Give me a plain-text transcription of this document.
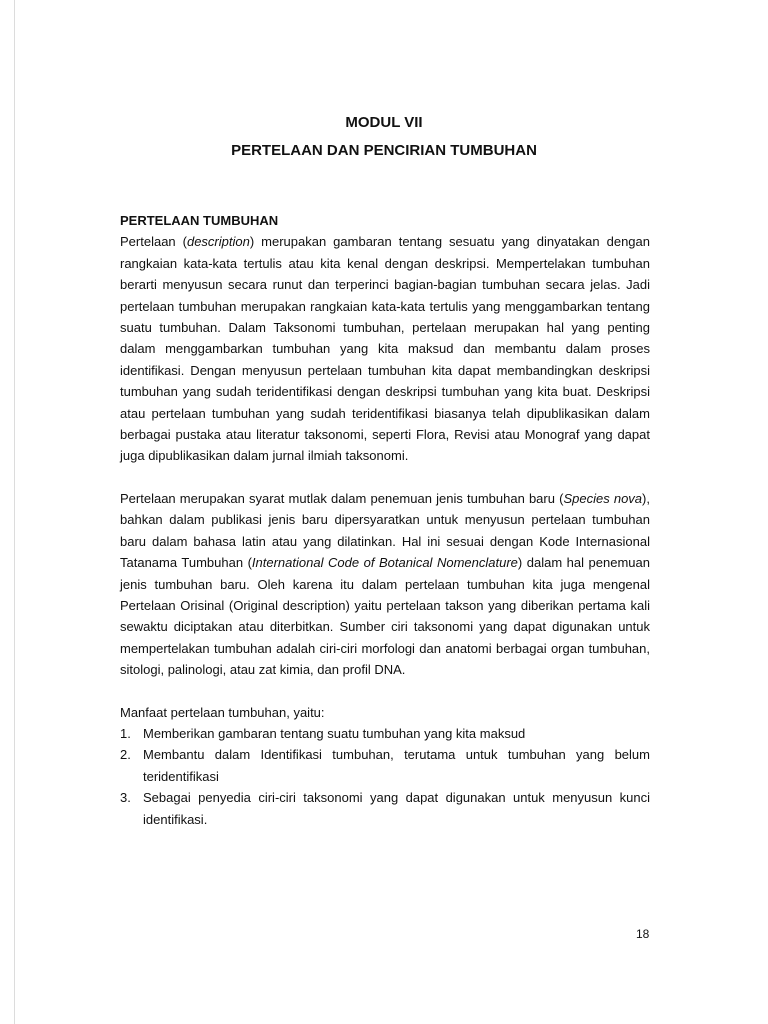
MODUL VII
PERTELAAN DAN PENCIRIAN TUMBUHAN

PERTELAAN TUMBUHAN

Pertelaan (description) merupakan gambaran tentang sesuatu yang dinyatakan dengan rangkaian kata-kata tertulis atau kita kenal dengan deskripsi. Mempertelakan tumbuhan berarti menyusun secara runut dan terperinci bagian-bagian tumbuhan secara jelas. Jadi pertelaan tumbuhan merupakan rangkaian kata-kata tertulis yang menggambarkan tentang suatu tumbuhan. Dalam Taksonomi tumbuhan, pertelaan merupakan hal yang penting dalam menggambarkan tumbuhan yang kita maksud dan membantu dalam proses identifikasi. Dengan menyusun pertelaan tumbuhan kita dapat membandingkan deskripsi tumbuhan yang sudah teridentifikasi dengan deskripsi tumbuhan yang kita buat. Deskripsi atau pertelaan tumbuhan yang sudah teridentifikasi biasanya telah dipublikasikan dalam berbagai pustaka atau literatur taksonomi, seperti Flora, Revisi atau Monograf yang dapat juga dipublikasikan dalam jurnal ilmiah taksonomi.

Pertelaan merupakan syarat mutlak dalam penemuan jenis tumbuhan baru (Species nova), bahkan dalam publikasi jenis baru dipersyaratkan untuk menyusun pertelaan tumbuhan baru dalam bahasa latin atau yang dilatinkan. Hal ini sesuai dengan Kode Internasional Tatanama Tumbuhan (International Code of Botanical Nomenclature) dalam hal penemuan jenis tumbuhan baru. Oleh karena itu dalam pertelaan tumbuhan kita juga mengenal Pertelaan Orisinal (Original description) yaitu pertelaan takson yang diberikan pertama kali sewaktu diciptakan atau diterbitkan. Sumber ciri taksonomi yang dapat digunakan untuk mempertelakan tumbuhan adalah ciri-ciri morfologi dan anatomi berbagai organ tumbuhan, sitologi, palinologi, atau zat kimia, dan profil DNA.

Manfaat pertelaan tumbuhan, yaitu:

1. Memberikan gambaran tentang suatu tumbuhan yang kita maksud
2. Membantu dalam Identifikasi tumbuhan, terutama untuk tumbuhan yang belum teridentifikasi
3. Sebagai penyedia ciri-ciri taksonomi yang dapat digunakan untuk menyusun kunci identifikasi.
18
